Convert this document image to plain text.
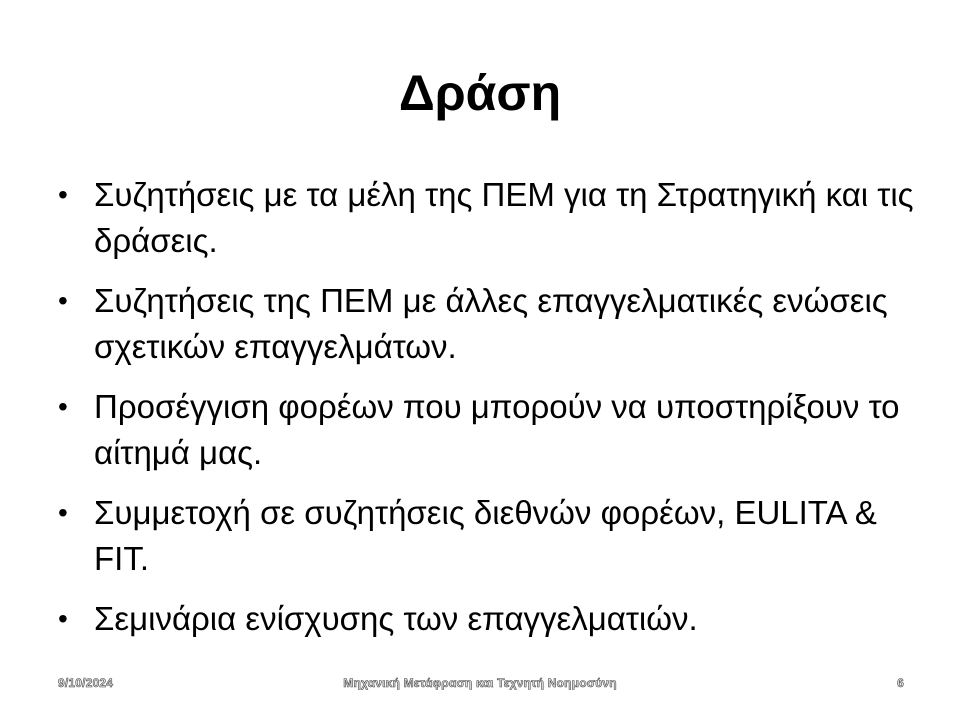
Δράση
• Συζητήσεις με τα μέλη της ΠΕΜ για τη Στρατηγική και τις δράσεις.
• Συζητήσεις της ΠΕΜ με άλλες επαγγελματικές ενώσεις σχετικών επαγγελμάτων.
• Προσέγγιση φορέων που μπορούν να υποστηρίξουν το αίτημά μας.
• Συμμετοχή σε συζητήσεις διεθνών φορέων, EULITA & FIT.
• Σεμινάρια ενίσχυσης των επαγγελματιών.
9/10/2024	Μηχανική Μετάφραση και Τεχνητή Νοημοσύνη	6
